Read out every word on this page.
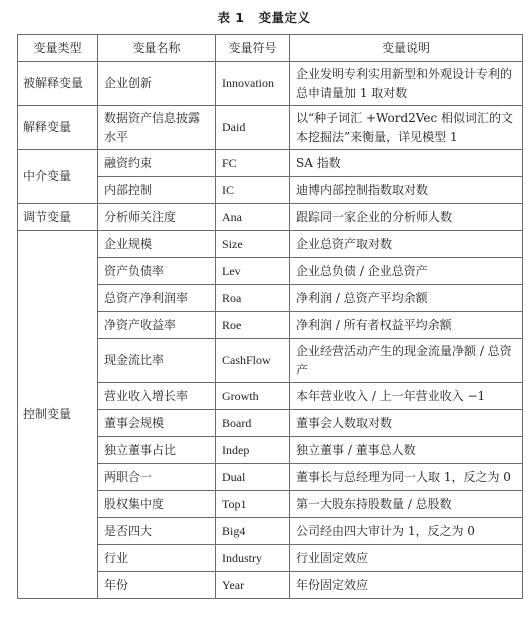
表 1 变量定义
变量类型	变量名称	变量符号	变量说明
被解释变量	企业创新	Innovation	企业发明专利实用新型和外观设计专利的总申请量加 1 取对数
解释变量	数据资产信息披露水平	Daid	以“种子词汇 +Word2Vec 相似词汇的文本挖掘法”来衡量，详见模型 1
中介变量	融资约束	FC	SA 指数
	内部控制	IC	迪博内部控制指数取对数
调节变量	分析师关注度	Ana	跟踪同一家企业的分析师人数
控制变量	企业规模	Size	企业总资产取对数
	资产负债率	Lev	企业总负债 / 企业总资产
	总资产净利润率	Roa	净利润 / 总资产平均余额
	净资产收益率	Roe	净利润 / 所有者权益平均余额
	现金流比率	CashFlow	企业经营活动产生的现金流量净额 / 总资产
	营业收入增长率	Growth	本年营业收入 / 上一年营业收入 −1
	董事会规模	Board	董事会人数取对数
	独立董事占比	Indep	独立董事 / 董事总人数
	两职合一	Dual	董事长与总经理为同一人取 1，反之为 0
	股权集中度	Top1	第一大股东持股数量 / 总股数
	是否四大	Big4	公司经由四大审计为 1，反之为 0
	行业	Industry	行业固定效应
	年份	Year	年份固定效应
